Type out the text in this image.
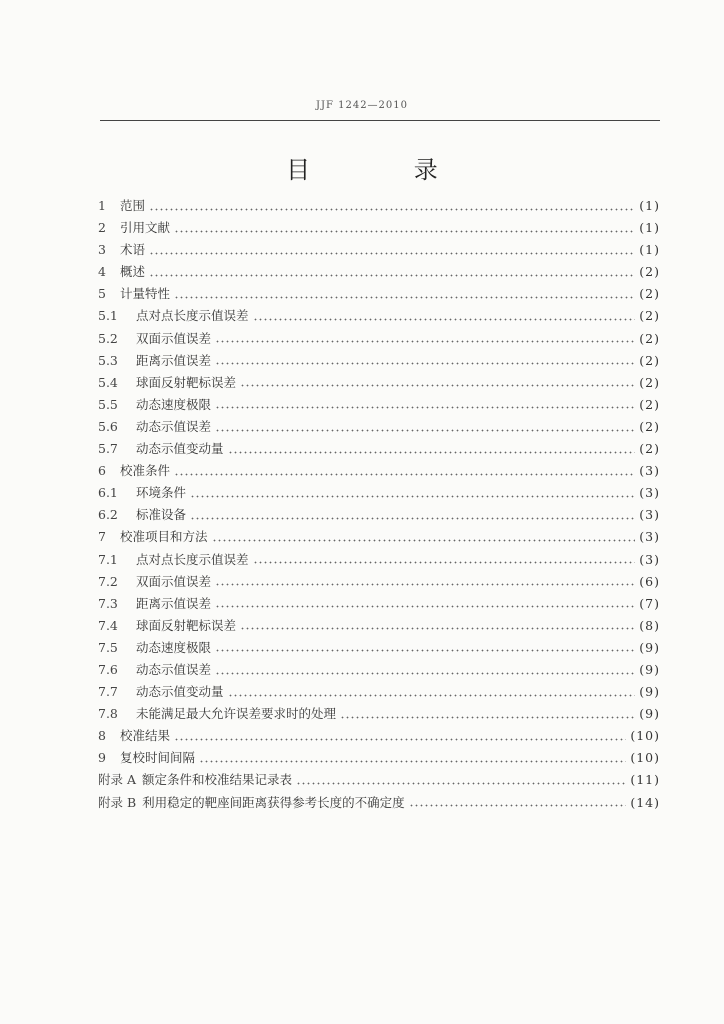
JJF 1242—2010
目 录
1	范围	(1)
2	引用文献	(1)
3	术语	(1)
4	概述	(2)
5	计量特性	(2)
5.1	点对点长度示值误差	(2)
5.2	双面示值误差	(2)
5.3	距离示值误差	(2)
5.4	球面反射靶标误差	(2)
5.5	动态速度极限	(2)
5.6	动态示值误差	(2)
5.7	动态示值变动量	(2)
6	校准条件	(3)
6.1	环境条件	(3)
6.2	标准设备	(3)
7	校准项目和方法	(3)
7.1	点对点长度示值误差	(3)
7.2	双面示值误差	(6)
7.3	距离示值误差	(7)
7.4	球面反射靶标误差	(8)
7.5	动态速度极限	(9)
7.6	动态示值误差	(9)
7.7	动态示值变动量	(9)
7.8	未能满足最大允许误差要求时的处理	(9)
8	校准结果	(10)
9	复校时间间隔	(10)
附录 A 额定条件和校准结果记录表	(11)
附录 B 利用稳定的靶座间距离获得参考长度的不确定度	(14)
